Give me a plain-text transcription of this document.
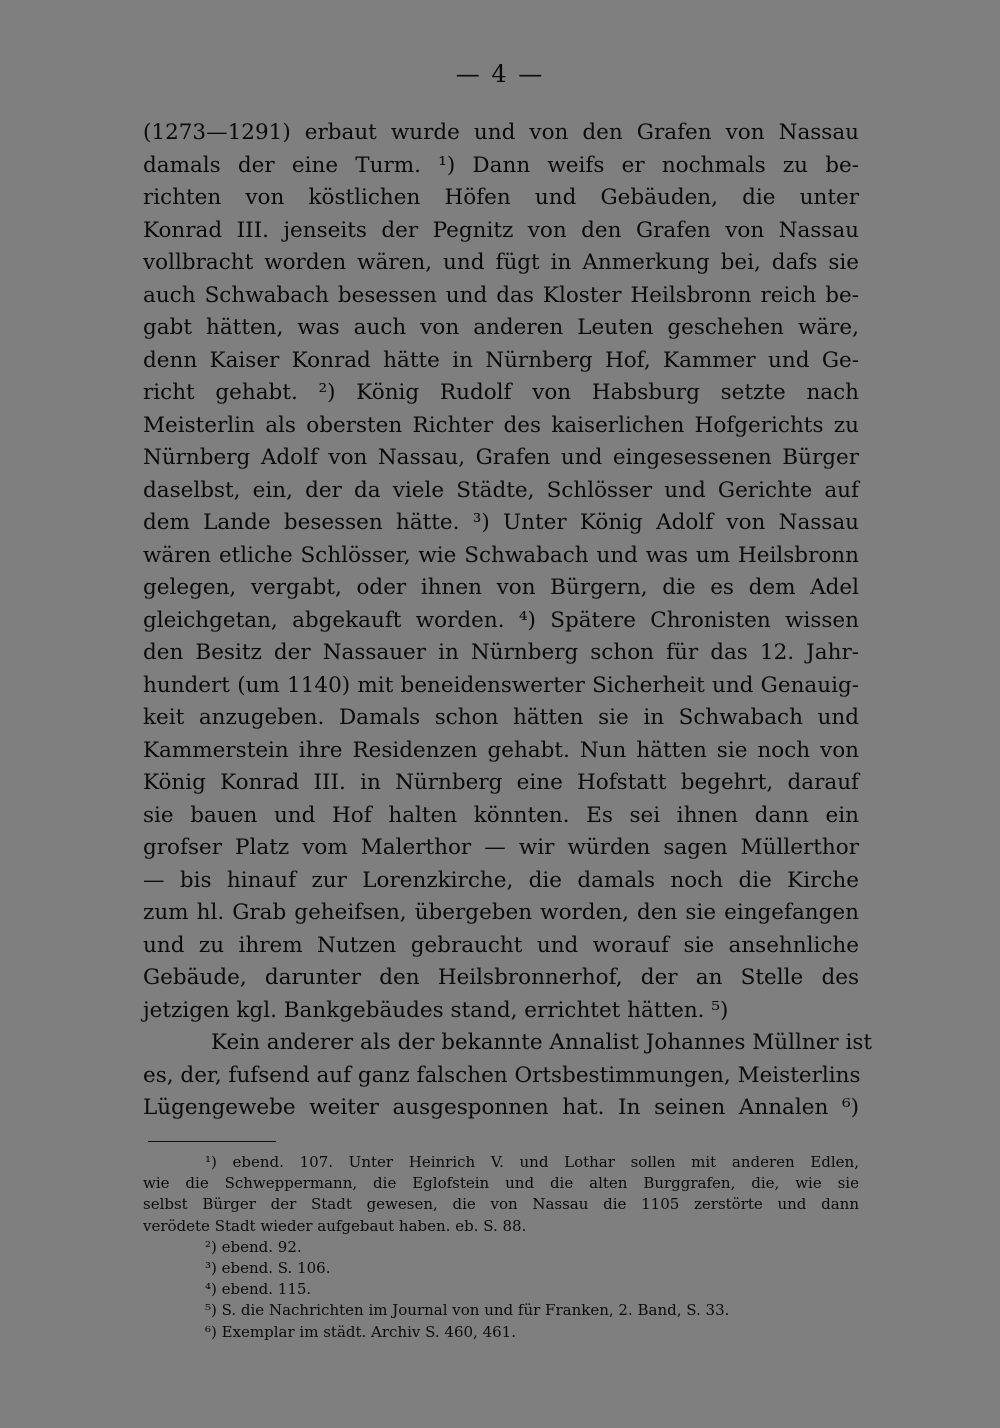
— 4 —
(1273—1291) erbaut wurde und von den Grafen von Nassau
damals der eine Turm. ¹) Dann weifs er nochmals zu be-
richten von köstlichen Höfen und Gebäuden, die unter
Konrad III. jenseits der Pegnitz von den Grafen von Nassau
vollbracht worden wären, und fügt in Anmerkung bei, dafs sie
auch Schwabach besessen und das Kloster Heilsbronn reich be-
gabt hätten, was auch von anderen Leuten geschehen wäre,
denn Kaiser Konrad hätte in Nürnberg Hof, Kammer und Ge-
richt gehabt. ²) König Rudolf von Habsburg setzte nach
Meisterlin als obersten Richter des kaiserlichen Hofgerichts zu
Nürnberg Adolf von Nassau, Grafen und eingesessenen Bürger
daselbst, ein, der da viele Städte, Schlösser und Gerichte auf
dem Lande besessen hätte. ³) Unter König Adolf von Nassau
wären etliche Schlösser, wie Schwabach und was um Heilsbronn
gelegen, vergabt, oder ihnen von Bürgern, die es dem Adel
gleichgetan, abgekauft worden. ⁴) Spätere Chronisten wissen
den Besitz der Nassauer in Nürnberg schon für das 12. Jahr-
hundert (um 1140) mit beneidenswerter Sicherheit und Genauig-
keit anzugeben. Damals schon hätten sie in Schwabach und
Kammerstein ihre Residenzen gehabt. Nun hätten sie noch von
König Konrad III. in Nürnberg eine Hofstatt begehrt, darauf
sie bauen und Hof halten könnten. Es sei ihnen dann ein
grofser Platz vom Malerthor — wir würden sagen Müllerthor
— bis hinauf zur Lorenzkirche, die damals noch die Kirche
zum hl. Grab geheifsen, übergeben worden, den sie eingefangen
und zu ihrem Nutzen gebraucht und worauf sie ansehnliche
Gebäude, darunter den Heilsbronnerhof, der an Stelle des
jetzigen kgl. Bankgebäudes stand, errichtet hätten. ⁵)
Kein anderer als der bekannte Annalist Johannes Müllner ist
es, der, fufsend auf ganz falschen Ortsbestimmungen, Meisterlins
Lügengewebe weiter ausgesponnen hat. In seinen Annalen ⁶)
¹) ebend. 107. Unter Heinrich V. und Lothar sollen mit anderen Edlen,
wie die Schweppermann, die Eglofstein und die alten Burggrafen, die, wie sie
selbst Bürger der Stadt gewesen, die von Nassau die 1105 zerstörte und dann
verödete Stadt wieder aufgebaut haben. eb. S. 88.
²) ebend. 92.
³) ebend. S. 106.
⁴) ebend. 115.
⁵) S. die Nachrichten im Journal von und für Franken, 2. Band, S. 33.
⁶) Exemplar im städt. Archiv S. 460, 461.
